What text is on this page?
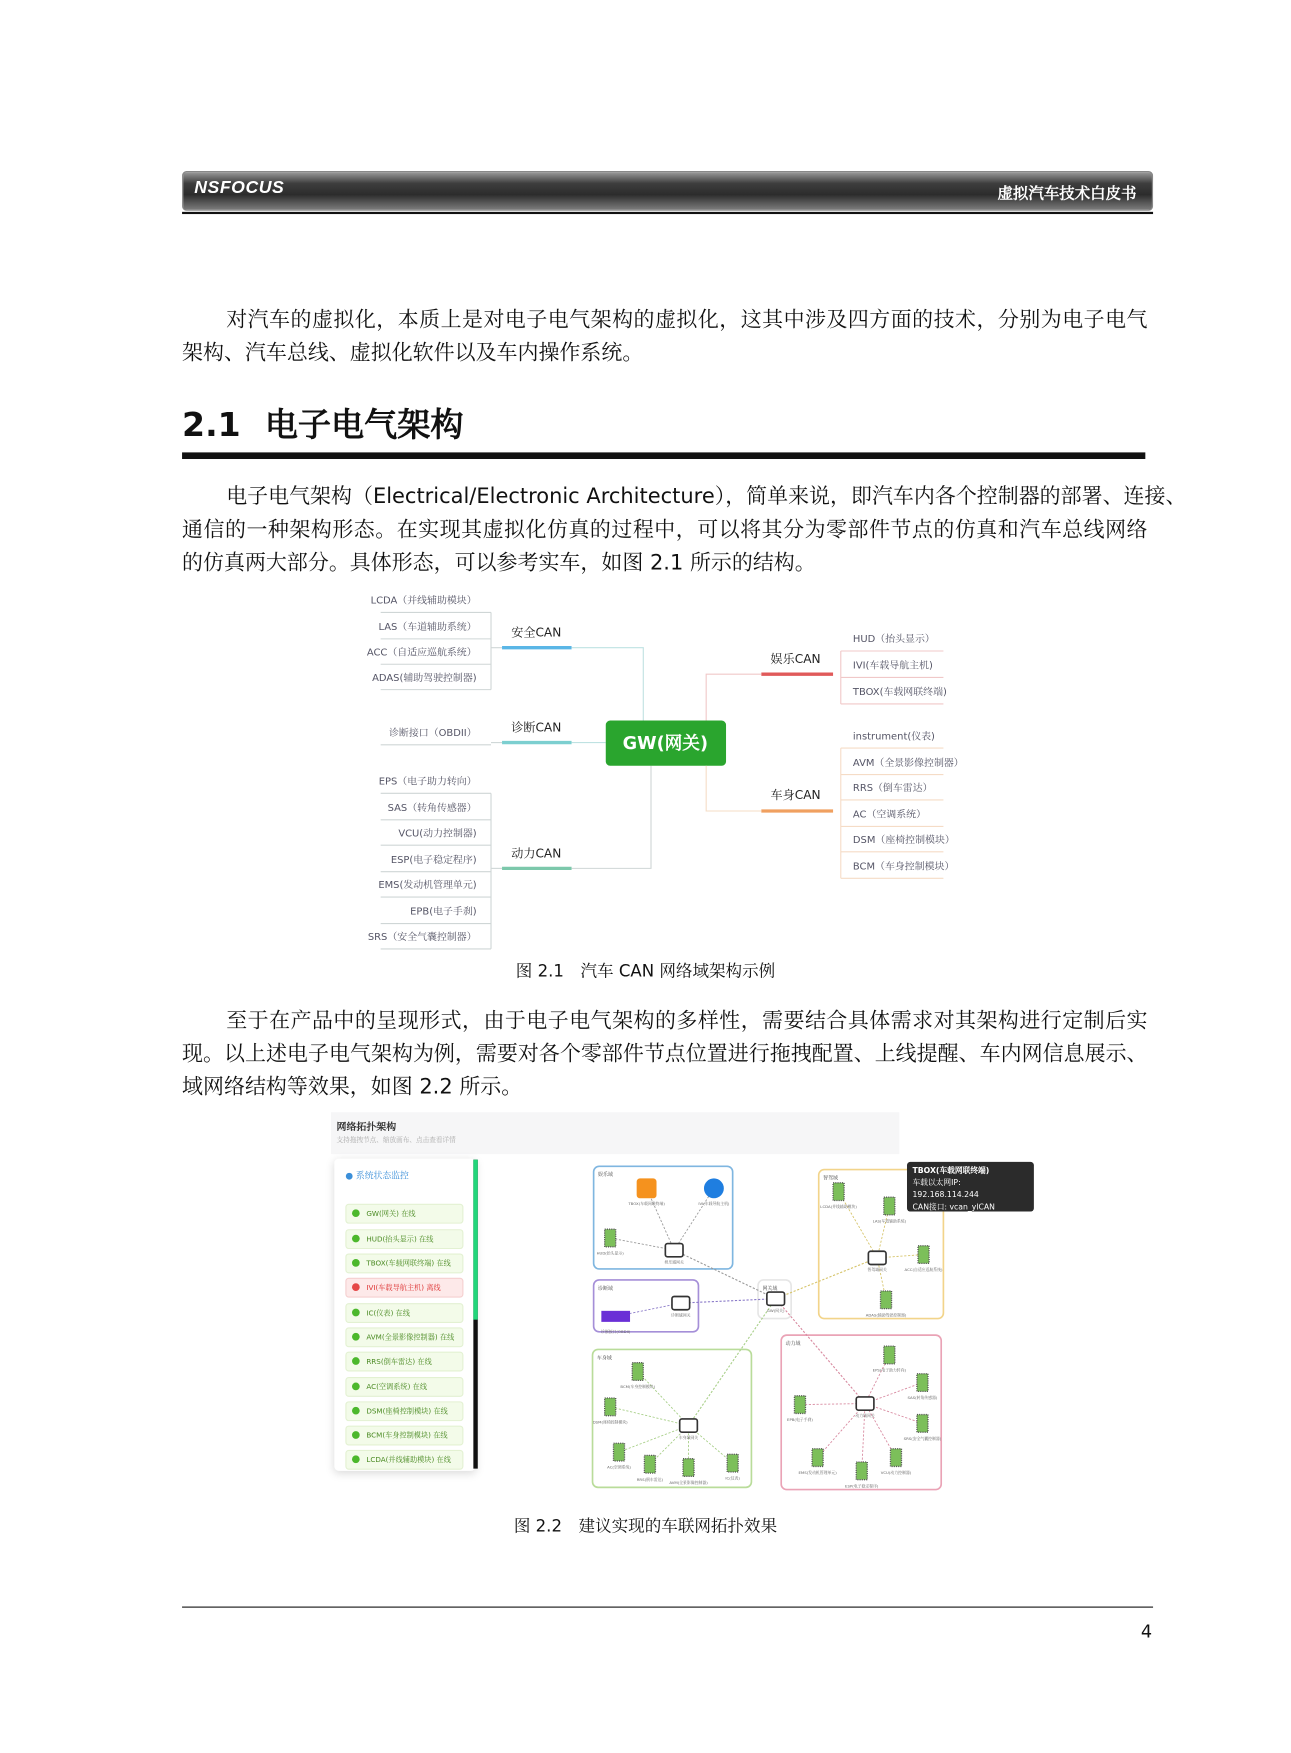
NSFOCUS	虚拟汽车技术白皮书
对汽车的虚拟化，本质上是对电子电气架构的虚拟化，这其中涉及四方面的技术，分别为电子电气
架构、汽车总线、虚拟化软件以及车内操作系统。
2.1 电子电气架构
电子电气架构（Electrical/Electronic Architecture），简单来说，即汽车内各个控制器的部署、连接、
通信的一种架构形态。在实现其虚拟化仿真的过程中，可以将其分为零部件节点的仿真和汽车总线网络
的仿真两大部分。具体形态，可以参考实车，如图 2.1 所示的结构。
LCDA（并线辅助模块）
LAS（车道辅助系统）
ACC（自适应巡航系统）
ADAS(辅助驾驶控制器)
安全CAN
诊断接口（OBDII）	诊断CAN
EPS（电子助力转向）
SAS（转角传感器）
VCU(动力控制器)
ESP(电子稳定程序)
EMS(发动机管理单元)
EPB(电子手刹)
SRS（安全气囊控制器）
动力CAN
GW(网关)
HUD（抬头显示）
IVI(车载导航主机)
TBOX(车载网联终端)
娱乐CAN
instrument(仪表)
AVM（全景影像控制器）
RRS（倒车雷达）
AC（空调系统）
DSM（座椅控制模块）
BCM（车身控制模块）
车身CAN
图 2.1　汽车 CAN 网络域架构示例
至于在产品中的呈现形式，由于电子电气架构的多样性，需要结合具体需求对其架构进行定制后实
现。以上述电子电气架构为例，需要对各个零部件节点位置进行拖拽配置、上线提醒、车内网信息展示、
域网络结构等效果，如图 2.2 所示。
网络拓扑架构
支持拖拽节点、缩放画布、点击查看详情
● 系统状态监控
GW(网关) 在线
HUD(抬头显示) 在线
TBOX(车载网联终端) 在线
IVI(车载导航主机) 离线
IC(仪表) 在线
AVM(全景影像控制器) 在线
RRS(倒车雷达) 在线
AC(空调系统) 在线
DSM(座椅控制模块) 在线
BCM(车身控制模块) 在线
LCDA(并线辅助模块) 在线
娱乐域
诊断域	网关域
智驾域
车身域
动力域
HUD(抬头显示)
TBOX(车载网联终端)	IVI(车载导航主机)
诊断接口(OBDII)
LCDA(并线辅助模块)
LAS(车道辅助系统)
ACC(自适应巡航系统)
ADAS(辅助驾驶控制器)
BCM(车身控制模块)
DSM(座椅控制模块)
AC(空调系统)
RRS(倒车雷达)
AVM(全景影像控制器)
IC(仪表)
EPS(电子助力转向)
SAS(转角传感器)
SRS(安全气囊控制器)
EPB(电子手刹)
EMS(发动机管理单元)
ESP(电子稳定程序)
VCU(动力控制器)
娱乐域网关
诊断域网关
GW(网关)
智驾域网关
车身域网关
动力域网关
TBOX(车载网联终端)
车载以太网IP: 192.168.114.244
CAN接口: vcan_ylCAN
图 2.2　建议实现的车联网拓扑效果
4
